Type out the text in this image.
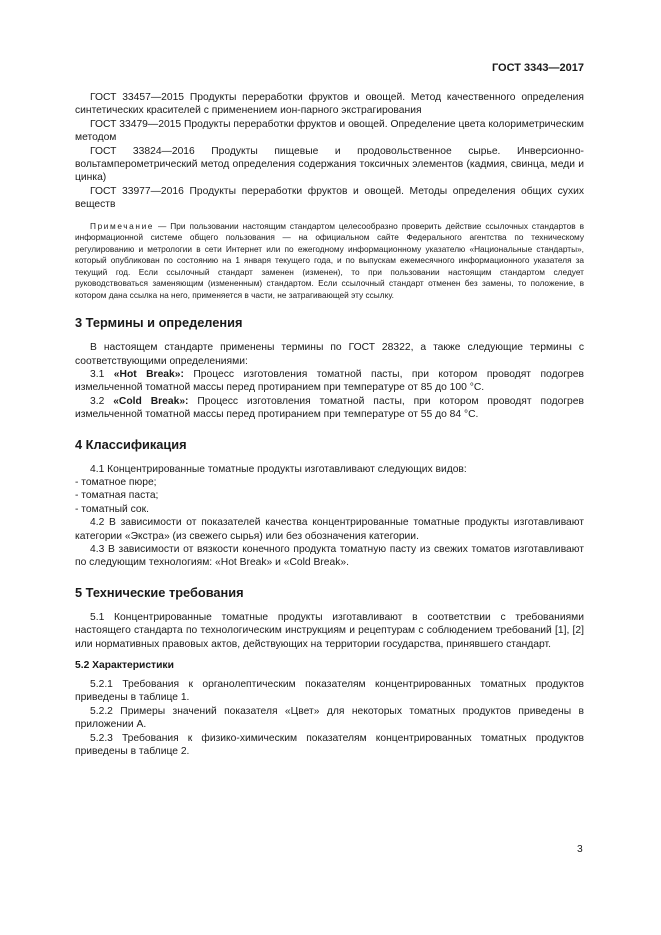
ГОСТ 3343—2017

ГОСТ 33457—2015 Продукты переработки фруктов и овощей. Метод качественного определения синтетических красителей с применением ион-парного экстрагирования

ГОСТ 33479—2015 Продукты переработки фруктов и овощей. Определение цвета колориметрическим методом

ГОСТ 33824—2016 Продукты пищевые и продовольственное сырье. Инверсионно-вольтамперометрический метод определения содержания токсичных элементов (кадмия, свинца, меди и цинка)

ГОСТ 33977—2016 Продукты переработки фруктов и овощей. Методы определения общих сухих веществ

Примечание — При пользовании настоящим стандартом целесообразно проверить действие ссылочных стандартов в информационной системе общего пользования — на официальном сайте Федерального агентства по техническому регулированию и метрологии в сети Интернет или по ежегодному информационному указателю «Национальные стандарты», который опубликован по состоянию на 1 января текущего года, и по выпускам ежемесячного информационного указателя за текущий год. Если ссылочный стандарт заменен (изменен), то при пользовании настоящим стандартом следует руководствоваться заменяющим (измененным) стандартом. Если ссылочный стандарт отменен без замены, то положение, в котором дана ссылка на него, применяется в части, не затрагивающей эту ссылку.

3 Термины и определения

В настоящем стандарте применены термины по ГОСТ 28322, а также следующие термины с соответствующими определениями:

3.1 «Hot Break»: Процесс изготовления томатной пасты, при котором проводят подогрев измельченной томатной массы перед протиранием при температуре от 85 до 100 °С.

3.2 «Cold Break»: Процесс изготовления томатной пасты, при котором проводят подогрев измельченной томатной массы перед протиранием при температуре от 55 до 84 °С.

4 Классификация

4.1 Концентрированные томатные продукты изготавливают следующих видов:

- томатное пюре;

- томатная паста;

- томатный сок.

4.2 В зависимости от показателей качества концентрированные томатные продукты изготавливают категории «Экстра» (из свежего сырья) или без обозначения категории.

4.3 В зависимости от вязкости конечного продукта томатную пасту из свежих томатов изготавливают по следующим технологиям: «Hot Break» и «Cold Break».

5 Технические требования

5.1 Концентрированные томатные продукты изготавливают в соответствии с требованиями настоящего стандарта по технологическим инструкциям и рецептурам с соблюдением требований [1], [2] или нормативных правовых актов, действующих на территории государства, принявшего стандарт.

5.2 Характеристики

5.2.1 Требования к органолептическим показателям концентрированных томатных продуктов приведены в таблице 1.

5.2.2 Примеры значений показателя «Цвет» для некоторых томатных продуктов приведены в приложении А.

5.2.3 Требования к физико-химическим показателям концентрированных томатных продуктов приведены в таблице 2.

3
